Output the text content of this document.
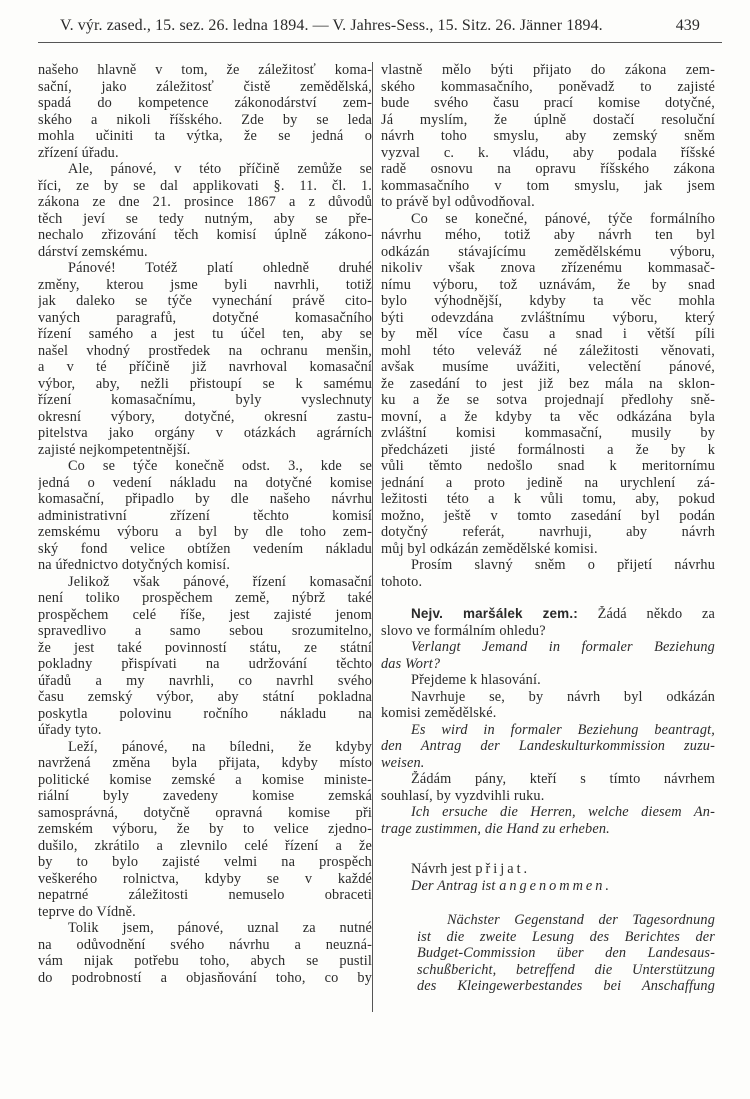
V. výr. zased., 15. sez. 26. ledna 1894. — V. Jahres-Sess., 15. Sitz. 26. Jänner 1894.	439
našeho hlavně v tom, že záležitosť koma-
sační, jako záležitosť čistě zemědělská,
spadá do kompetence zákonodárství zem-
ského a nikoli říšského. Zde by se leda
mohla učiniti ta výtka, že se jedná o
zřízení úřadu.
Ale, pánové, v této příčině zemůže se
říci, ze by se dal applikovati §. 11. čl. 1.
zákona ze dne 21. prosince 1867 a z důvodů
těch jeví se tedy nutným, aby se pře-
nechalo zřizování těch komisí úplně zákono-
dárství zemskému.
Pánové! Totéž platí ohledně druhé
změny, kterou jsme byli navrhli, totiž
jak daleko se týče vynechání právě cito-
vaných paragrafů, dotyčné komasačního
řízení samého a jest tu účel ten, aby se
našel vhodný prostředek na ochranu menšin,
a v té příčině již navrhoval komasační
výbor, aby, nežli přistoupí se k samému
řízení komasačnímu, byly vyslechnuty
okresní výbory, dotyčné, okresní zastu-
pitelstva jako orgány v otázkách agrárních
zajisté nejkompetentnější.
Co se týče konečně odst. 3., kde se
jedná o vedení nákladu na dotyčné komise
komasační, připadlo by dle našeho návrhu
administrativní zřízení těchto komisí
zemskému výboru a byl by dle toho zem-
ský fond velice obtížen vedením nákladu
na úřednictvo dotyčných komisí.
Jelikož však pánové, řízení komasační
není toliko prospěchem země, nýbrž také
prospěchem celé říše, jest zajisté jenom
spravedlivo a samo sebou srozumitelno,
že jest také povinností státu, ze státní
pokladny přispívati na udržování těchto
úřadů a my navrhli, co navrhl svého
času zemský výbor, aby státní pokladna
poskytla polovinu ročního nákladu na
úřady tyto.
Leží, pánové, na bíledni, že kdyby
navržená změna byla přijata, kdyby místo
politické komise zemské a komise ministe-
riální byly zavedeny komise zemská
samosprávná, dotyčně opravná komise při
zemském výboru, že by to velice zjedno-
dušilo, zkrátilo a zlevnilo celé řízení a že
by to bylo zajisté velmi na prospěch
veškerého rolnictva, kdyby se v každé
nepatrné záležitosti nemuselo obraceti
teprve do Vídně.
Tolik jsem, pánové, uznal za nutné
na odůvodnění svého návrhu a neuzná-
vám nijak potřebu toho, abych se pustil
do podrobností a objasňování toho, co by
vlastně mělo býti přijato do zákona zem-
ského kommasačního, poněvadž to zajisté
bude svého času prací komise dotyčné,
Já myslím, že úplně dostačí resoluční
návrh toho smyslu, aby zemský sněm
vyzval c. k. vládu, aby podala říšské
radě osnovu na opravu říšského zákona
kommasačního v tom smyslu, jak jsem
to právě byl odůvodňoval.
Co se konečné, pánové, týče formálního
návrhu mého, totiž aby návrh ten byl
odkázán stávajícímu zemědělskému výboru,
nikoliv však znova zřízenému kommasač-
nímu výboru, tož uznávám, že by snad
bylo výhodnější, kdyby ta věc mohla
býti odevzdána zvláštnímu výboru, který
by měl více času a snad i větší píli
mohl této veleváž né záležitosti věnovati,
avšak musíme uvážiti, velectění pánové,
že zasedání to jest již bez mála na sklon-
ku a že se sotva projednají předlohy sně-
movní, a že kdyby ta věc odkázána byla
zvláštní komisi kommasační, musily by
předcházeti jisté formálnosti a že by k
vůli těmto nedošlo snad k meritornímu
jednání a proto jedině na urychlení zá-
ležitosti této a k vůli tomu, aby, pokud
možno, ještě v tomto zasedání byl podán
dotyčný referát, navrhuji, aby návrh
můj byl odkázán zemědělské komisi.
Prosím slavný sněm o přijetí návrhu
tohoto.
Nejv. maršálek zem.: Žádá někdo za
slovo ve formálním ohledu?
Verlangt Jemand in formaler Beziehung
das Wort?
Přejdeme k hlasování.
Navrhuje se, by návrh byl odkázán
komisi zemědělské.
Es wird in formaler Beziehung beantragt,
den Antrag der Landeskulturkommission zuzu-
weisen.
Žádám pány, kteří s tímto návrhem
souhlasí, by vyzdvihli ruku.
Ich ersuche die Herren, welche diesem An-
trage zustimmen, die Hand zu erheben.
Návrh jest přijat.
Der Antrag ist angenommen.
Nächster Gegenstand der Tagesordnung
ist die zweite Lesung des Berichtes der
Budget-Commission über den Landesaus-
schußbericht, betreffend die Unterstützung
des Kleingewerbestandes bei Anschaffung
